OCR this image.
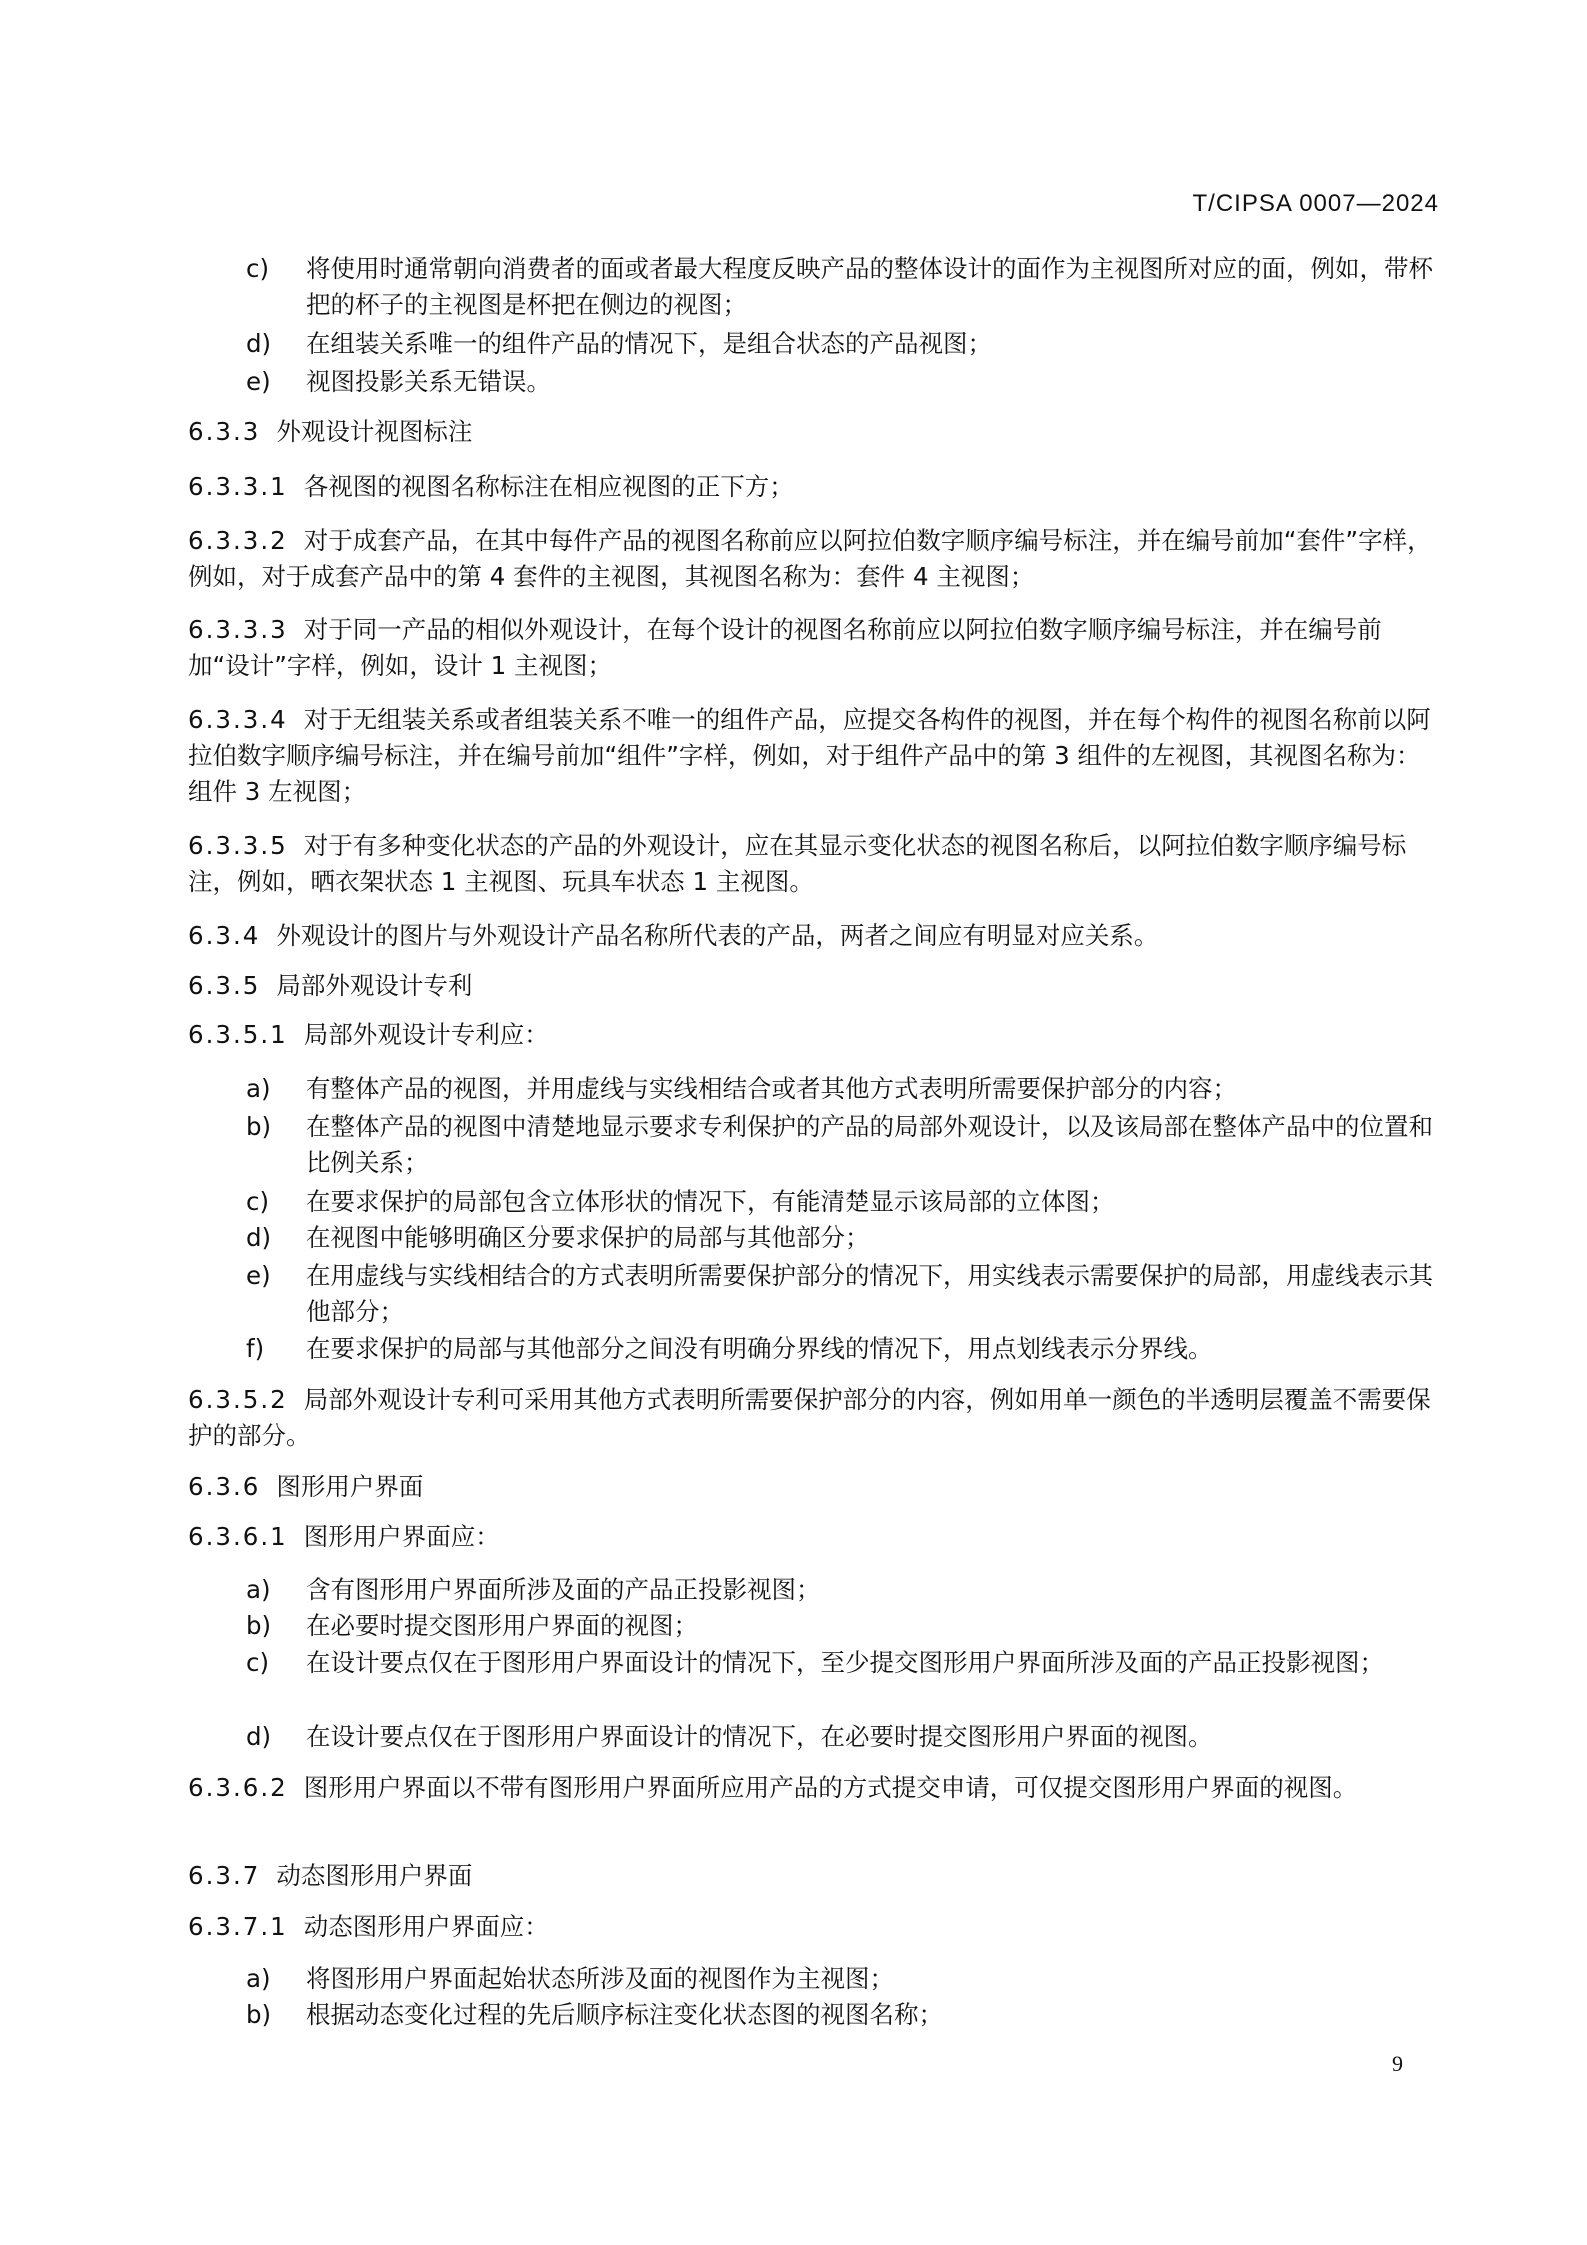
T/CIPSA 0007—2024
c)	将使用时通常朝向消费者的面或者最大程度反映产品的整体设计的面作为主视图所对应的面，例如，带杯把的杯子的主视图是杯把在侧边的视图；
d)	在组装关系唯一的组件产品的情况下，是组合状态的产品视图；
e)	视图投影关系无错误。
6.3.3 外观设计视图标注
6.3.3.1 各视图的视图名称标注在相应视图的正下方；
6.3.3.2 对于成套产品，在其中每件产品的视图名称前应以阿拉伯数字顺序编号标注，并在编号前加“套件”字样，例如，对于成套产品中的第 4 套件的主视图，其视图名称为：套件 4 主视图；
6.3.3.3 对于同一产品的相似外观设计，在每个设计的视图名称前应以阿拉伯数字顺序编号标注，并在编号前加“设计”字样，例如，设计 1 主视图；
6.3.3.4 对于无组装关系或者组装关系不唯一的组件产品，应提交各构件的视图，并在每个构件的视图名称前以阿拉伯数字顺序编号标注，并在编号前加“组件”字样，例如，对于组件产品中的第 3 组件的左视图，其视图名称为：组件 3 左视图；
6.3.3.5 对于有多种变化状态的产品的外观设计，应在其显示变化状态的视图名称后，以阿拉伯数字顺序编号标注，例如，晒衣架状态 1 主视图、玩具车状态 1 主视图。
6.3.4 外观设计的图片与外观设计产品名称所代表的产品，两者之间应有明显对应关系。
6.3.5 局部外观设计专利
6.3.5.1 局部外观设计专利应：
a)	有整体产品的视图，并用虚线与实线相结合或者其他方式表明所需要保护部分的内容；
b)	在整体产品的视图中清楚地显示要求专利保护的产品的局部外观设计，以及该局部在整体产品中的位置和比例关系；
c)	在要求保护的局部包含立体形状的情况下，有能清楚显示该局部的立体图；
d)	在视图中能够明确区分要求保护的局部与其他部分；
e)	在用虚线与实线相结合的方式表明所需要保护部分的情况下，用实线表示需要保护的局部，用虚线表示其他部分；
f)	在要求保护的局部与其他部分之间没有明确分界线的情况下，用点划线表示分界线。
6.3.5.2 局部外观设计专利可采用其他方式表明所需要保护部分的内容，例如用单一颜色的半透明层覆盖不需要保护的部分。
6.3.6 图形用户界面
6.3.6.1 图形用户界面应：
a)	含有图形用户界面所涉及面的产品正投影视图；
b)	在必要时提交图形用户界面的视图；
c)	在设计要点仅在于图形用户界面设计的情况下，至少提交图形用户界面所涉及面的产品正投影视图；
d)	在设计要点仅在于图形用户界面设计的情况下，在必要时提交图形用户界面的视图。
6.3.6.2 图形用户界面以不带有图形用户界面所应用产品的方式提交申请，可仅提交图形用户界面的视图。
6.3.7 动态图形用户界面
6.3.7.1 动态图形用户界面应：
a)	将图形用户界面起始状态所涉及面的视图作为主视图；
b)	根据动态变化过程的先后顺序标注变化状态图的视图名称；
9
